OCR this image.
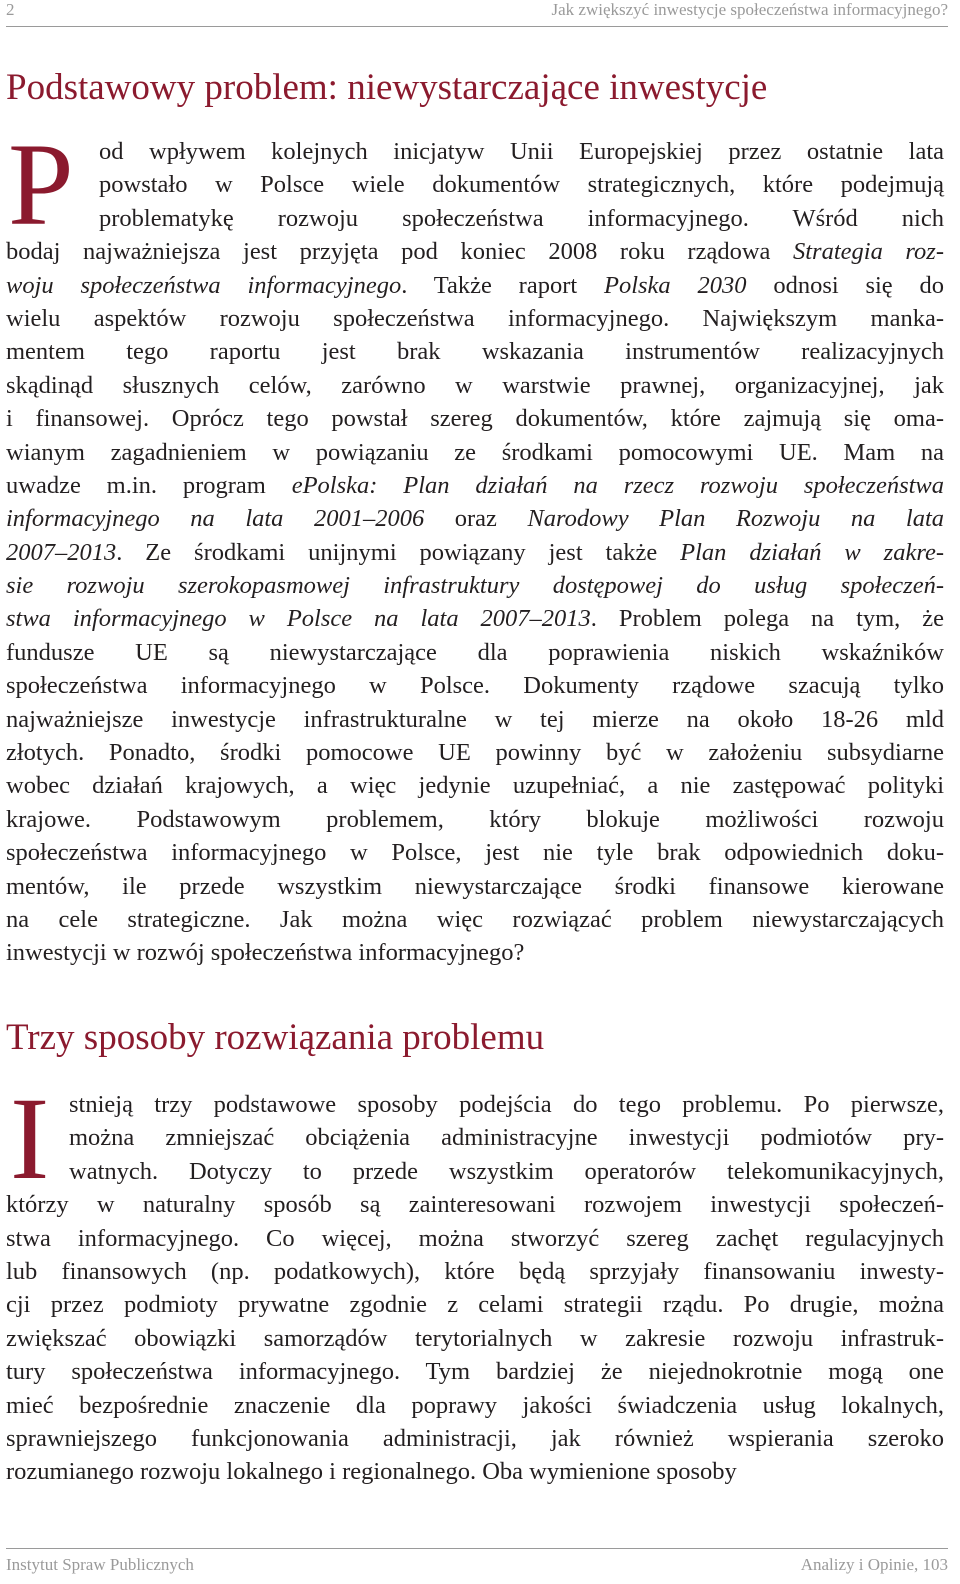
2	Jak zwiększyć inwestycje społeczeństwa informacyjnego?
Podstawowy problem: niewystarczające inwestycje
P	od wpływem kolejnych inicjatyw Unii Europejskiej przez ostatnie lata
powstało w Polsce wiele dokumentów strategicznych, które podejmują
problematykę rozwoju społeczeństwa informacyjnego. Wśród nich
bodaj najważniejsza jest przyjęta pod koniec 2008 roku rządowa Strategia roz-
woju społeczeństwa informacyjnego. Także raport Polska 2030 odnosi się do
wielu aspektów rozwoju społeczeństwa informacyjnego. Największym manka-
mentem tego raportu jest brak wskazania instrumentów realizacyjnych
skądinąd słusznych celów, zarówno w warstwie prawnej, organizacyjnej, jak
i finansowej. Oprócz tego powstał szereg dokumentów, które zajmują się oma-
wianym zagadnieniem w powiązaniu ze środkami pomocowymi UE. Mam na
uwadze m.in. program ePolska: Plan działań na rzecz rozwoju społeczeństwa
informacyjnego na lata 2001–2006 oraz Narodowy Plan Rozwoju na lata
2007–2013. Ze środkami unijnymi powiązany jest także Plan działań w zakre-
sie rozwoju szerokopasmowej infrastruktury dostępowej do usług społeczeń-
stwa informacyjnego w Polsce na lata 2007–2013. Problem polega na tym, że
fundusze UE są niewystarczające dla poprawienia niskich wskaźników
społeczeństwa informacyjnego w Polsce. Dokumenty rządowe szacują tylko
najważniejsze inwestycje infrastrukturalne w tej mierze na około 18-26 mld
złotych. Ponadto, środki pomocowe UE powinny być w założeniu subsydiarne
wobec działań krajowych, a więc jedynie uzupełniać, a nie zastępować polityki
krajowe. Podstawowym problemem, który blokuje możliwości rozwoju
społeczeństwa informacyjnego w Polsce, jest nie tyle brak odpowiednich doku-
mentów, ile przede wszystkim niewystarczające środki finansowe kierowane
na cele strategiczne. Jak można więc rozwiązać problem niewystarczających
inwestycji w rozwój społeczeństwa informacyjnego?
Trzy sposoby rozwiązania problemu
I stnieją trzy podstawowe sposoby podejścia do tego problemu. Po pierwsze,
można zmniejszać obciążenia administracyjne inwestycji podmiotów pry-
watnych. Dotyczy to przede wszystkim operatorów telekomunikacyjnych,
którzy w naturalny sposób są zainteresowani rozwojem inwestycji społeczeń-
stwa informacyjnego. Co więcej, można stworzyć szereg zachęt regulacyjnych
lub finansowych (np. podatkowych), które będą sprzyjały finansowaniu inwesty-
cji przez podmioty prywatne zgodnie z celami strategii rządu. Po drugie, można
zwiększać obowiązki samorządów terytorialnych w zakresie rozwoju infrastruk-
tury społeczeństwa informacyjnego. Tym bardziej że niejednokrotnie mogą one
mieć bezpośrednie znaczenie dla poprawy jakości świadczenia usług lokalnych,
sprawniejszego funkcjonowania administracji, jak również wspierania szeroko
rozumianego rozwoju lokalnego i regionalnego. Oba wymienione sposoby
Instytut Spraw Publicznych	Analizy i Opinie, 103
